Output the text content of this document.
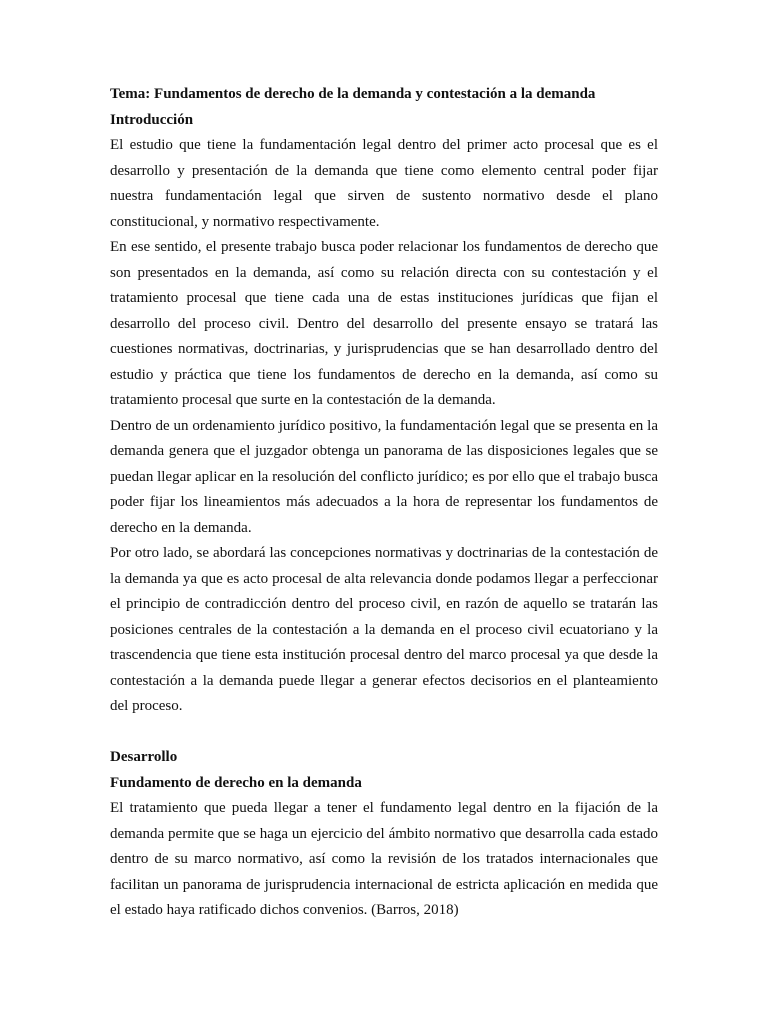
Tema: Fundamentos de derecho de la demanda y contestación a la demanda

Introducción

El estudio que tiene la fundamentación legal dentro del primer acto procesal que es el desarrollo y presentación de la demanda que tiene como elemento central poder fijar nuestra fundamentación legal que sirven de sustento normativo desde el plano constitucional, y normativo respectivamente.

En ese sentido, el presente trabajo busca poder relacionar los fundamentos de derecho que son presentados en la demanda, así como su relación directa con su contestación y el tratamiento procesal que tiene cada una de estas instituciones jurídicas que fijan el desarrollo del proceso civil. Dentro del desarrollo del presente ensayo se tratará las cuestiones normativas, doctrinarias, y jurisprudencias que se han desarrollado dentro del estudio y práctica que tiene los fundamentos de derecho en la demanda, así como su tratamiento procesal que surte en la contestación de la demanda.

Dentro de un ordenamiento jurídico positivo, la fundamentación legal que se presenta en la demanda genera que el juzgador obtenga un panorama de las disposiciones legales que se puedan llegar aplicar en la resolución del conflicto jurídico; es por ello que el trabajo busca poder fijar los lineamientos más adecuados a la hora de representar los fundamentos de derecho en la demanda.

Por otro lado, se abordará las concepciones normativas y doctrinarias de la contestación de la demanda ya que es acto procesal de alta relevancia donde podamos llegar a perfeccionar el principio de contradicción dentro del proceso civil, en razón de aquello se tratarán las posiciones centrales de la contestación a la demanda en el proceso civil ecuatoriano y la trascendencia que tiene esta institución procesal dentro del marco procesal ya que desde la contestación a la demanda puede llegar a generar efectos decisorios en el planteamiento del proceso.

Desarrollo

Fundamento de derecho en la demanda

El tratamiento que pueda llegar a tener el fundamento legal dentro en la fijación de la demanda permite que se haga un ejercicio del ámbito normativo que desarrolla cada estado dentro de su marco normativo, así como la revisión de los tratados internacionales que facilitan un panorama de jurisprudencia internacional de estricta aplicación en medida que el estado haya ratificado dichos convenios. (Barros, 2018)
